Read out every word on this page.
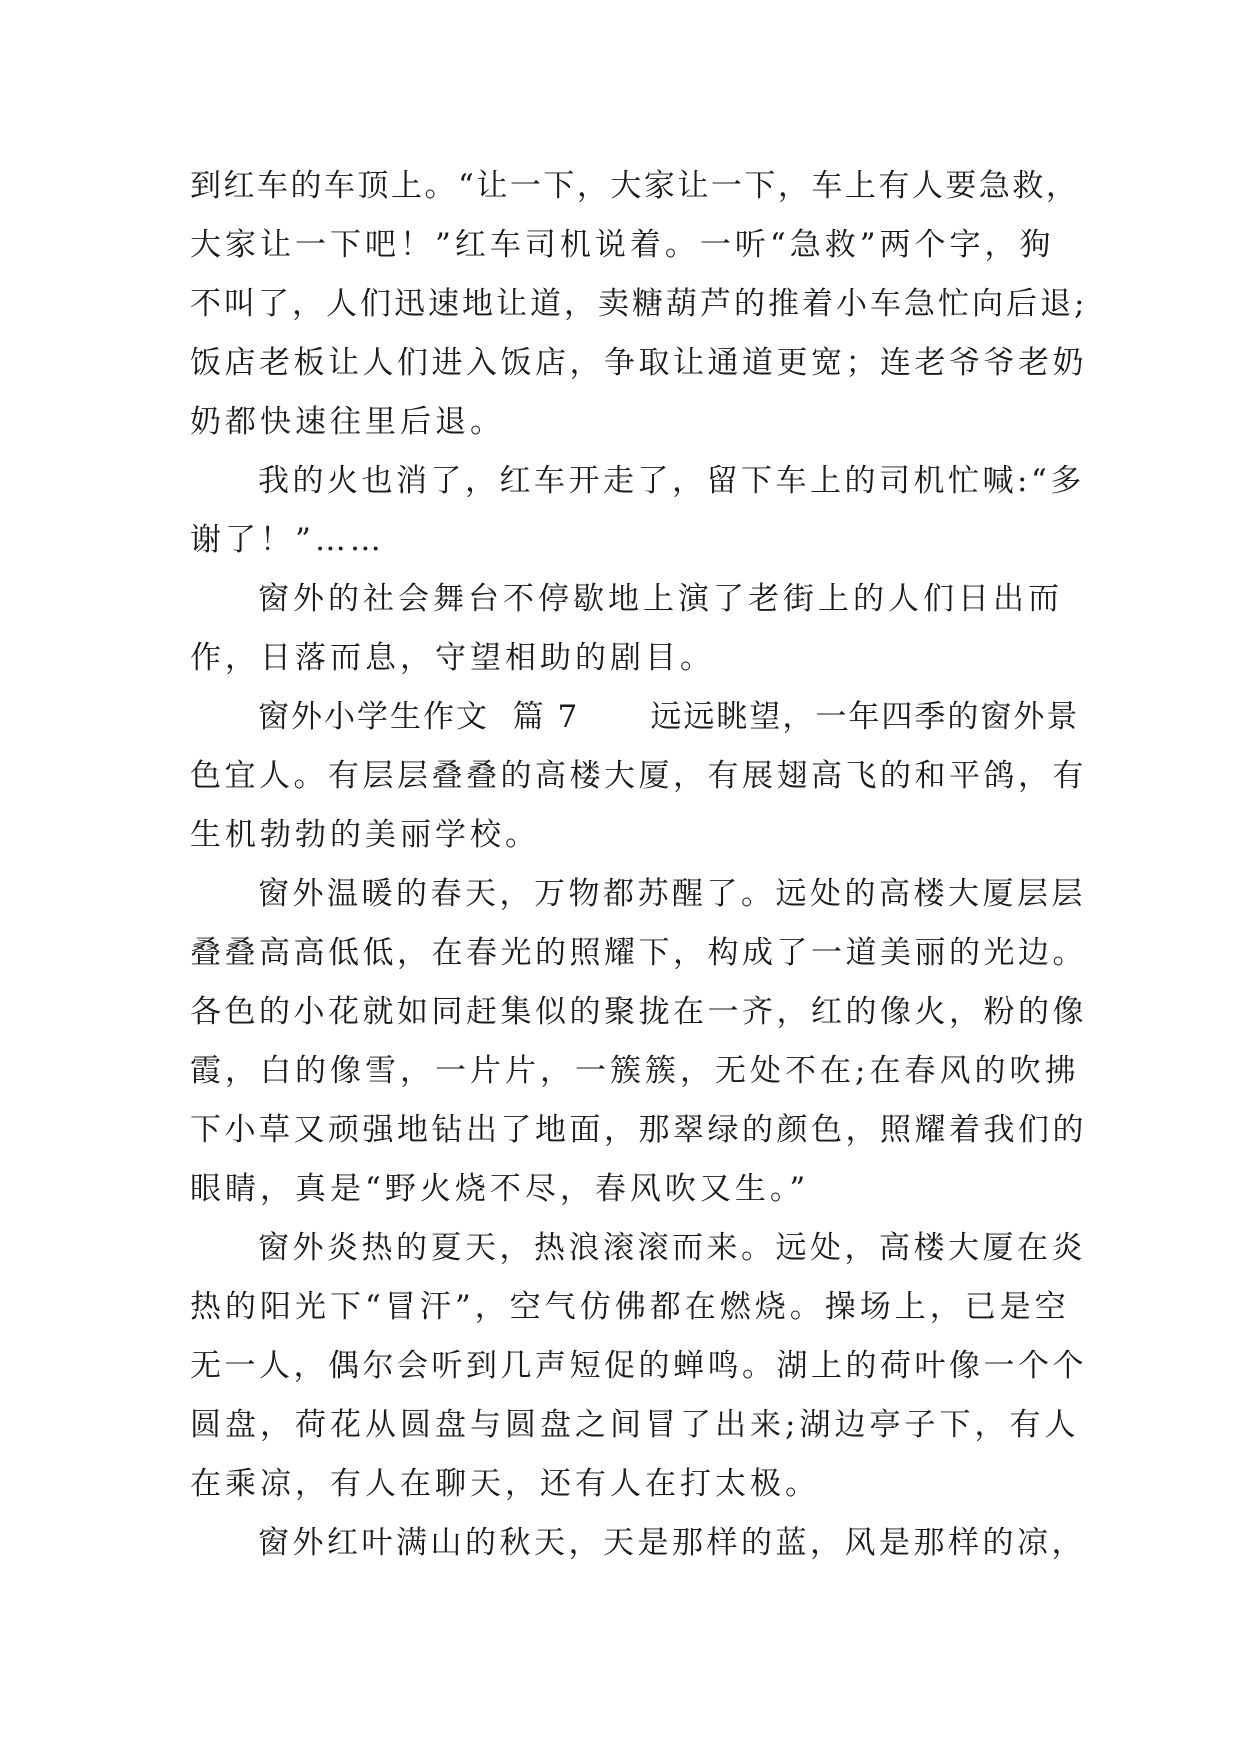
到红车的车顶上。“让一下，大家让一下，车上有人要急救，

大家让一下吧！”红车司机说着。一听“急救”两个字，狗

不叫了，人们迅速地让道，卖糖葫芦的推着小车急忙向后退;

饭店老板让人们进入饭店，争取让通道更宽；连老爷爷老奶

奶都快速往里后退。

我的火也消了，红车开走了，留下车上的司机忙喊:“多

谢了！”……

窗外的社会舞台不停歇地上演了老街上的人们日出而

作，日落而息，守望相助的剧目。

窗外小学生作文  篇 7      远远眺望，一年四季的窗外景

色宜人。有层层叠叠的高楼大厦，有展翅高飞的和平鸽，有

生机勃勃的美丽学校。

窗外温暖的春天，万物都苏醒了。远处的高楼大厦层层

叠叠高高低低，在春光的照耀下，构成了一道美丽的光边。

各色的小花就如同赶集似的聚拢在一齐，红的像火，粉的像

霞，白的像雪，一片片，一簇簇，无处不在;在春风的吹拂

下小草又顽强地钻出了地面，那翠绿的颜色，照耀着我们的

眼睛，真是“野火烧不尽，春风吹又生。”

窗外炎热的夏天，热浪滚滚而来。远处，高楼大厦在炎

热的阳光下“冒汗”，空气仿佛都在燃烧。操场上，已是空

无一人，偶尔会听到几声短促的蝉鸣。湖上的荷叶像一个个

圆盘，荷花从圆盘与圆盘之间冒了出来;湖边亭子下，有人

在乘凉，有人在聊天，还有人在打太极。

窗外红叶满山的秋天，天是那样的蓝，风是那样的凉，
